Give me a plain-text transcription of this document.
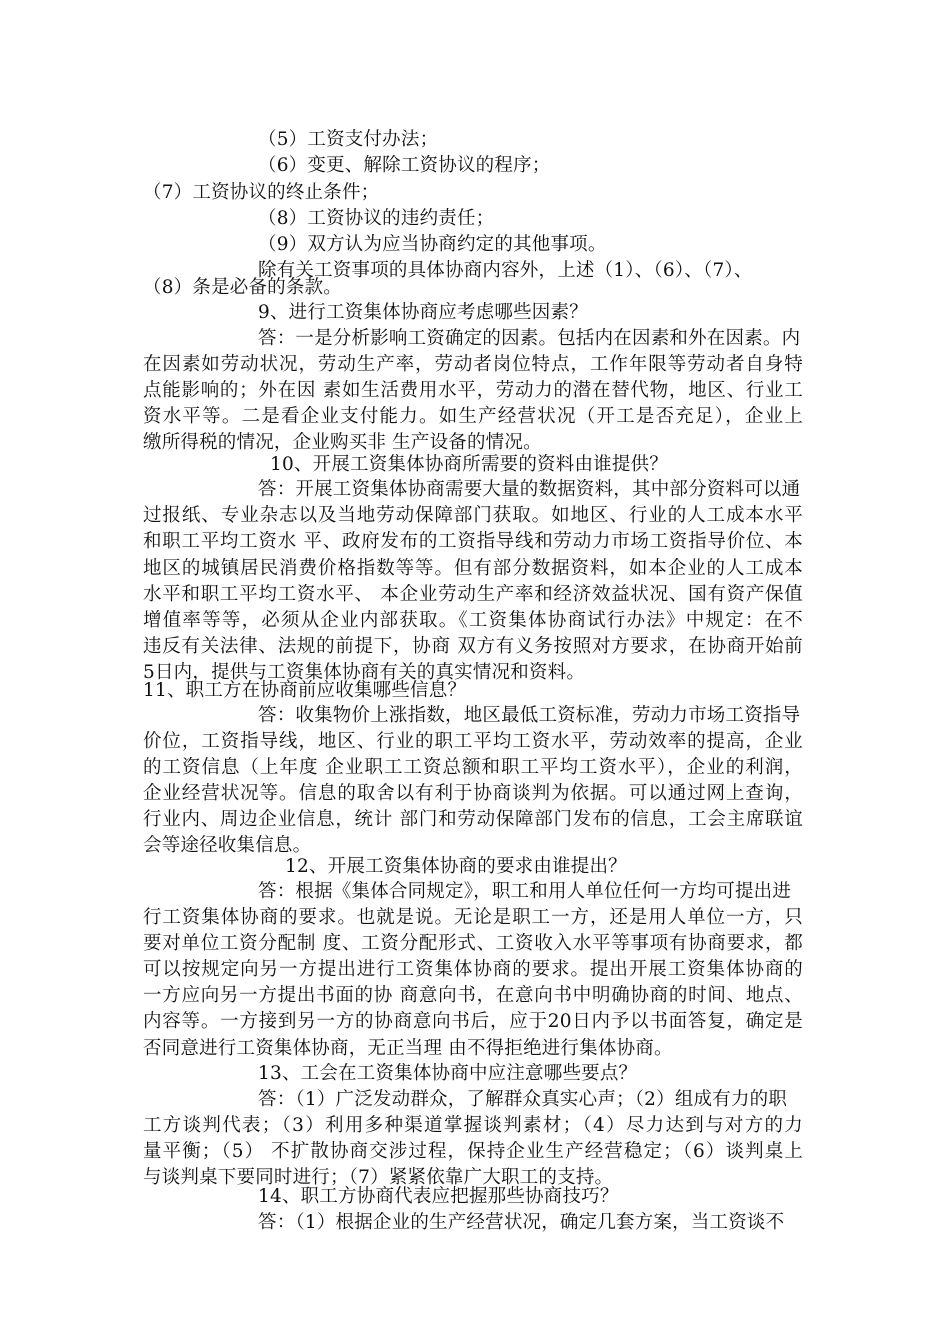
（5）工资支付办法；
（6）变更、解除工资协议的程序；
（7）工资协议的终止条件；
（8）工资协议的违约责任；
（9）双方认为应当协商约定的其他事项。
除有关工资事项的具体协商内容外，上述（1）、（6）、（7）、
（8）条是必备的条款。
9、进行工资集体协商应考虑哪些因素？
答：一是分析影响工资确定的因素。包括内在因素和外在因素。内
在因素如劳动状况，劳动生产率，劳动者岗位特点，工作年限等劳动者自身特
点能影响的；外在因 素如生活费用水平，劳动力的潜在替代物，地区、行业工
资水平等。二是看企业支付能力。如生产经营状况（开工是否充足），企业上
缴所得税的情况，企业购买非 生产设备的情况。
10、开展工资集体协商所需要的资料由谁提供？
答：开展工资集体协商需要大量的数据资料，其中部分资料可以通
过报纸、专业杂志以及当地劳动保障部门获取。如地区、行业的人工成本水平
和职工平均工资水 平、政府发布的工资指导线和劳动力市场工资指导价位、本
地区的城镇居民消费价格指数等等。但有部分数据资料，如本企业的人工成本
水平和职工平均工资水平、 本企业劳动生产率和经济效益状况、国有资产保值
增值率等等，必须从企业内部获取。《工资集体协商试行办法》中规定：在不
违反有关法律、法规的前提下，协商 双方有义务按照对方要求，在协商开始前
5日内，提供与工资集体协商有关的真实情况和资料。
11、职工方在协商前应收集哪些信息？
答：收集物价上涨指数，地区最低工资标准，劳动力市场工资指导
价位，工资指导线，地区、行业的职工平均工资水平，劳动效率的提高，企业
的工资信息（上年度 企业职工工资总额和职工平均工资水平），企业的利润，
企业经营状况等。信息的取舍以有利于协商谈判为依据。可以通过网上查询，
行业内、周边企业信息，统计 部门和劳动保障部门发布的信息，工会主席联谊
会等途径收集信息。
12、开展工资集体协商的要求由谁提出？
答：根据《集体合同规定》，职工和用人单位任何一方均可提出进
行工资集体协商的要求。也就是说。无论是职工一方，还是用人单位一方，只
要对单位工资分配制 度、工资分配形式、工资收入水平等事项有协商要求，都
可以按规定向另一方提出进行工资集体协商的要求。提出开展工资集体协商的
一方应向另一方提出书面的协 商意向书，在意向书中明确协商的时间、地点、
内容等。一方接到另一方的协商意向书后，应于20日内予以书面答复，确定是
否同意进行工资集体协商，无正当理 由不得拒绝进行集体协商。
13、工会在工资集体协商中应注意哪些要点？
答：（1）广泛发动群众，了解群众真实心声；（2）组成有力的职
工方谈判代表；（3）利用多种渠道掌握谈判素材；（4）尽力达到与对方的力
量平衡；（5） 不扩散协商交涉过程，保持企业生产经营稳定；（6）谈判桌上
与谈判桌下要同时进行；（7）紧紧依靠广大职工的支持。
14、职工方协商代表应把握那些协商技巧？
答：（1）根据企业的生产经营状况，确定几套方案，当工资谈不
